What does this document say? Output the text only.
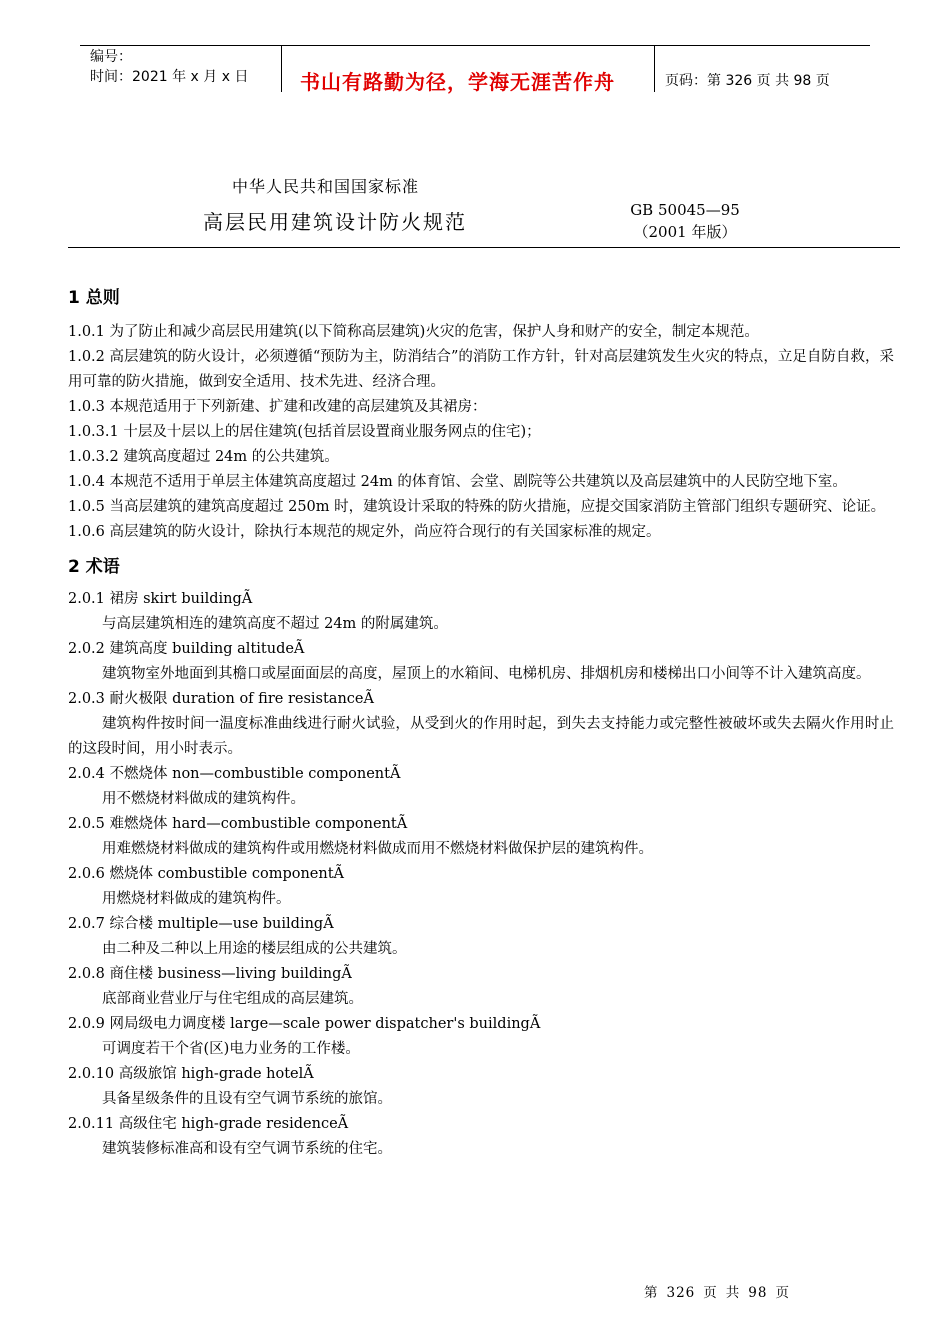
编号：
时间：2021 年 x 月 x 日	书山有路勤为径，学海无涯苦作舟	页码：第 326 页 共 98 页
中华人民共和国国家标准
高层民用建筑设计防火规范	GB 50045—95
（2001 年版）
1 总则

1.0.1 为了防止和减少高层民用建筑(以下简称高层建筑)火灾的危害，保护人身和财产的安全，制定本规范。

1.0.2 高层建筑的防火设计，必须遵循“预防为主，防消结合”的消防工作方针，针对高层建筑发生火灾的特点，立足自防自救，采用可靠的防火措施，做到安全适用、技术先进、经济合理。

1.0.3 本规范适用于下列新建、扩建和改建的高层建筑及其裙房：

1.0.3.1 十层及十层以上的居住建筑(包括首层设置商业服务网点的住宅)；

1.0.3.2 建筑高度超过 24m 的公共建筑。

1.0.4 本规范不适用于单层主体建筑高度超过 24m 的体育馆、会堂、剧院等公共建筑以及高层建筑中的人民防空地下室。

1.0.5 当高层建筑的建筑高度超过 250m 时，建筑设计采取的特殊的防火措施，应提交国家消防主管部门组织专题研究、论证。

1.0.6 高层建筑的防火设计，除执行本规范的规定外，尚应符合现行的有关国家标准的规定。

2 术语

2.0.1 裙房 skirt buildingÃ

与高层建筑相连的建筑高度不超过 24m 的附属建筑。

2.0.2 建筑高度 building altitudeÃ

建筑物室外地面到其檐口或屋面面层的高度，屋顶上的水箱间、电梯机房、排烟机房和楼梯出口小间等不计入建筑高度。

2.0.3 耐火极限 duration of fire resistanceÃ

建筑构件按时间一温度标准曲线进行耐火试验，从受到火的作用时起，到失去支持能力或完整性被破坏或失去隔火作用时止的这段时间，用小时表示。

2.0.4 不燃烧体 non—combustible componentÃ

用不燃烧材料做成的建筑构件。

2.0.5 难燃烧体 hard—combustible componentÃ

用难燃烧材料做成的建筑构件或用燃烧材料做成而用不燃烧材料做保护层的建筑构件。

2.0.6 燃烧体 combustible componentÃ

用燃烧材料做成的建筑构件。

2.0.7 综合楼 multiple—use buildingÃ

由二种及二种以上用途的楼层组成的公共建筑。

2.0.8 商住楼 business—living buildingÃ

底部商业营业厅与住宅组成的高层建筑。

2.0.9 网局级电力调度楼 large—scale power dispatcher's buildingÃ

可调度若干个省(区)电力业务的工作楼。

2.0.10 高级旅馆 high-grade hotelÃ

具备星级条件的且设有空气调节系统的旅馆。

2.0.11 高级住宅 high-grade residenceÃ

建筑装修标准高和设有空气调节系统的住宅。

第 326 页 共 98 页
